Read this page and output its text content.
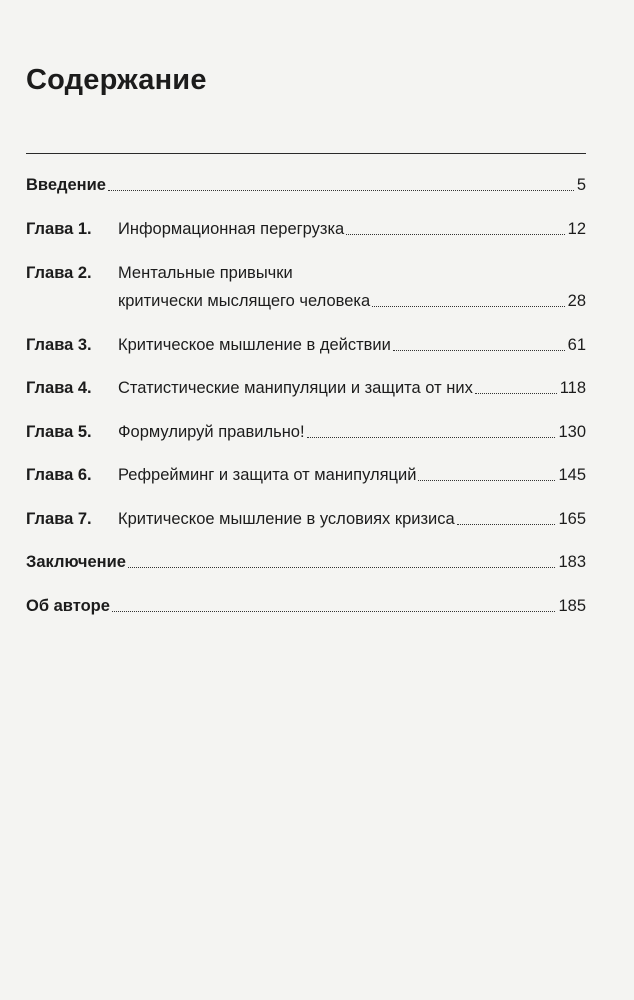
Содержание
Введение	5
Глава 1.	Информационная перегрузка	12
Глава 2.	Ментальные привычки
критически мыслящего человека	28
Глава 3.	Критическое мышление в действии	61
Глава 4.	Статистические манипуляции и защита от них	118
Глава 5.	Формулируй правильно!	130
Глава 6.	Рефрейминг и защита от манипуляций	145
Глава 7.	Критическое мышление в условиях кризиса	165
Заключение	183
Об авторе	185
